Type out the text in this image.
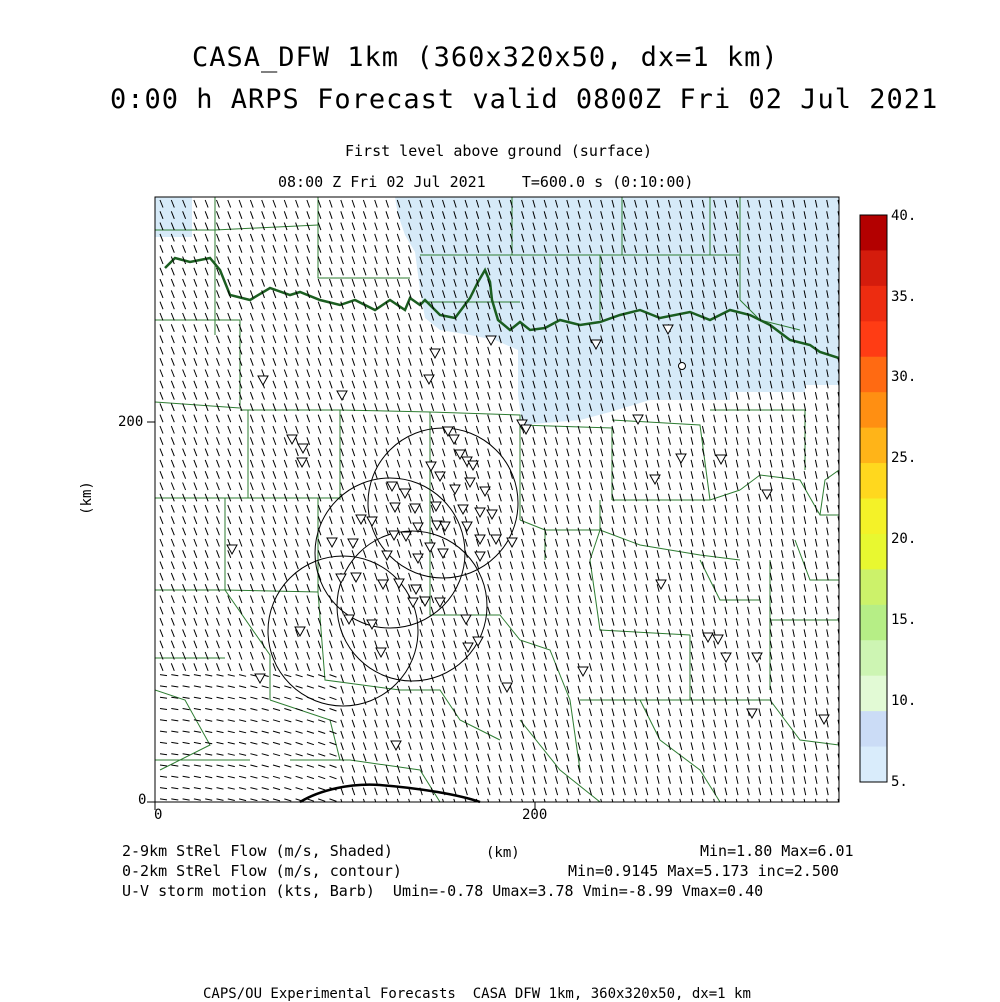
CASA_DFW 1km (360x320x50, dx=1 km)
0:00 h ARPS Forecast valid 0800Z Fri 02 Jul 2021
First level above ground (surface)
08:00 Z Fri 02 Jul 2021    T=600.0 s (0:10:00)
(km)
200
0
0	200
40.
35.
30.
25.
20.
15.
10.
5.
2-9km StRel Flow (m/s, Shaded)	(km)	Min=1.80 Max=6.01
0-2km StRel Flow (m/s, contour)	Min=0.9145 Max=5.173 inc=2.500
U-V storm motion (kts, Barb)  Umin=-0.78 Umax=3.78 Vmin=-8.99 Vmax=0.40
CAPS/OU Experimental Forecasts  CASA DFW 1km, 360x320x50, dx=1 km
